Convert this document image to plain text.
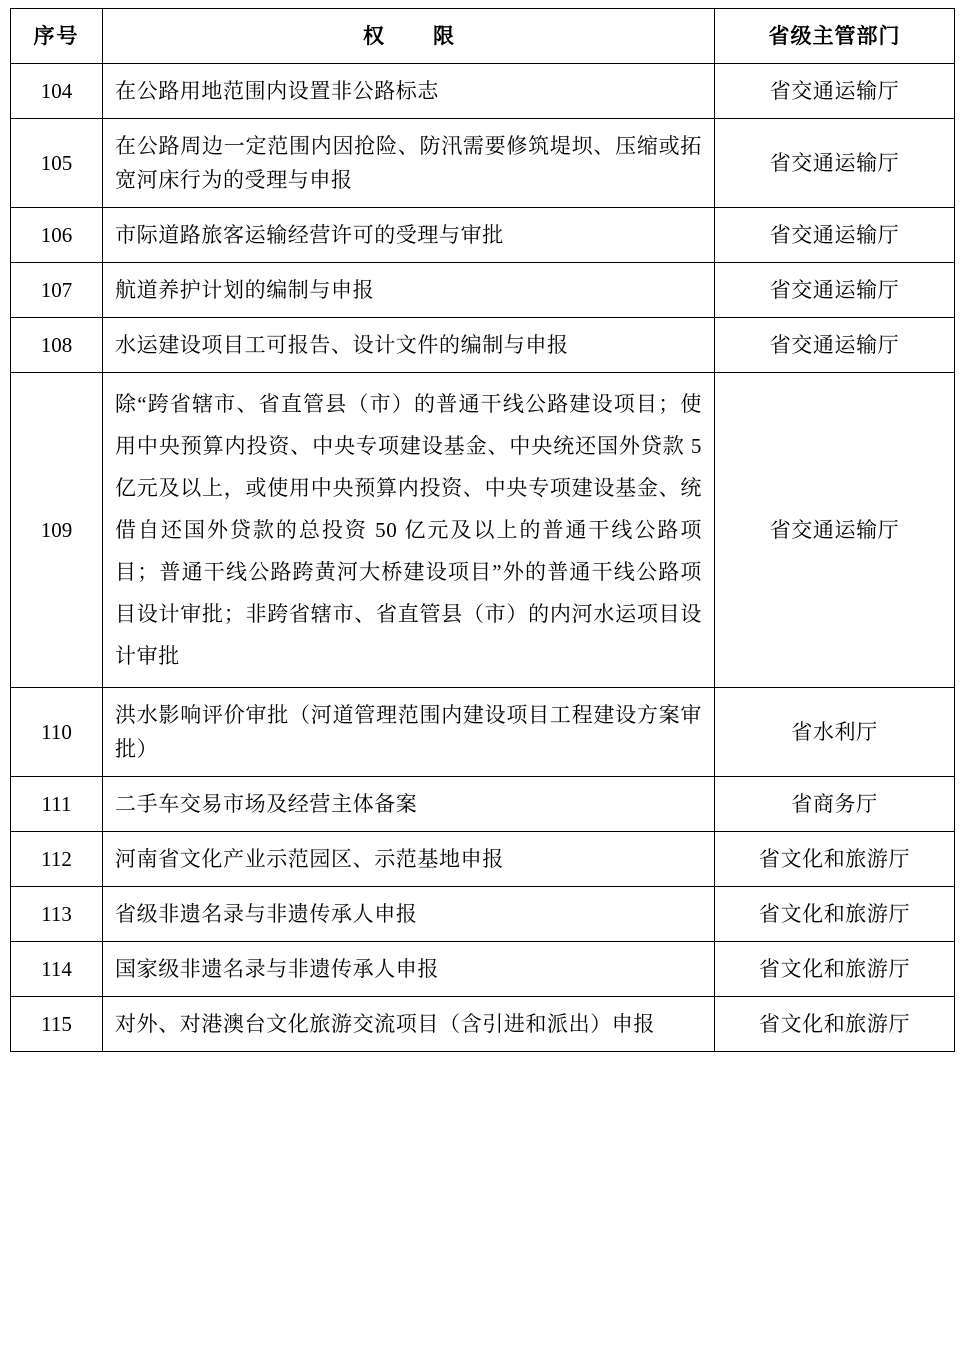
序号	权　限	省级主管部门
104	在公路用地范围内设置非公路标志	省交通运输厅
105	在公路周边一定范围内因抢险、防汛需要修筑堤坝、压缩或拓宽河床行为的受理与申报	省交通运输厅
106	市际道路旅客运输经营许可的受理与审批	省交通运输厅
107	航道养护计划的编制与申报	省交通运输厅
108	水运建设项目工可报告、设计文件的编制与申报	省交通运输厅
109	除“跨省辖市、省直管县（市）的普通干线公路建设项目；使用中央预算内投资、中央专项建设基金、中央统还国外贷款 5 亿元及以上，或使用中央预算内投资、中央专项建设基金、统借自还国外贷款的总投资 50 亿元及以上的普通干线公路项目；普通干线公路跨黄河大桥建设项目”外的普通干线公路项目设计审批；非跨省辖市、省直管县（市）的内河水运项目设计审批	省交通运输厅
110	洪水影响评价审批（河道管理范围内建设项目工程建设方案审批）	省水利厅
111	二手车交易市场及经营主体备案	省商务厅
112	河南省文化产业示范园区、示范基地申报	省文化和旅游厅
113	省级非遗名录与非遗传承人申报	省文化和旅游厅
114	国家级非遗名录与非遗传承人申报	省文化和旅游厅
115	对外、对港澳台文化旅游交流项目（含引进和派出）申报	省文化和旅游厅
